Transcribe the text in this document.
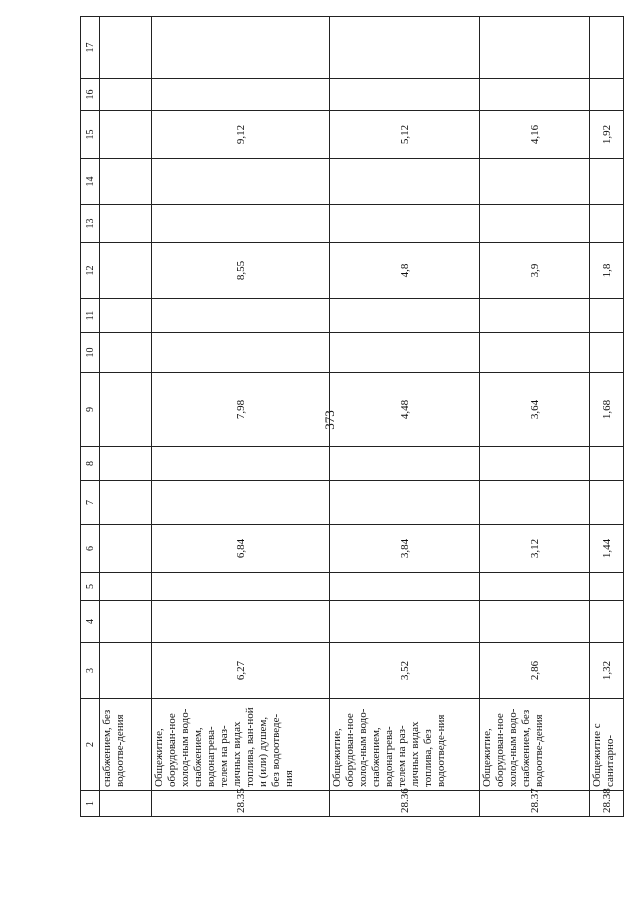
373
1	2	3	4	5	6	7	8	9	10	11	12	13	14	15	16	17
	снабжением, без водоотве-дения															
28.35	Общежитие, оборудован-ное холод-ным водо-снабжением, водонагрева-телем на раз-личных видах топлива, ван-ной и (или) душем, без водоотведе-ния	6,27			6,84			7,98			8,55			9,12		
28.36	Общежитие, оборудован-ное холод-ным водо-снабжением, водонагрева-телем на раз-личных видах топлива, без водоотведе-ния	3,52			3,84			4,48			4,8			5,12		
28.37	Общежитие, оборудован-ное холод-ным водо-снабжением, без водоотве-дения	2,86			3,12			3,64			3,9			4,16		
28.38	Общежитие с санитарно-	1,32			1,44			1,68			1,8			1,92		
